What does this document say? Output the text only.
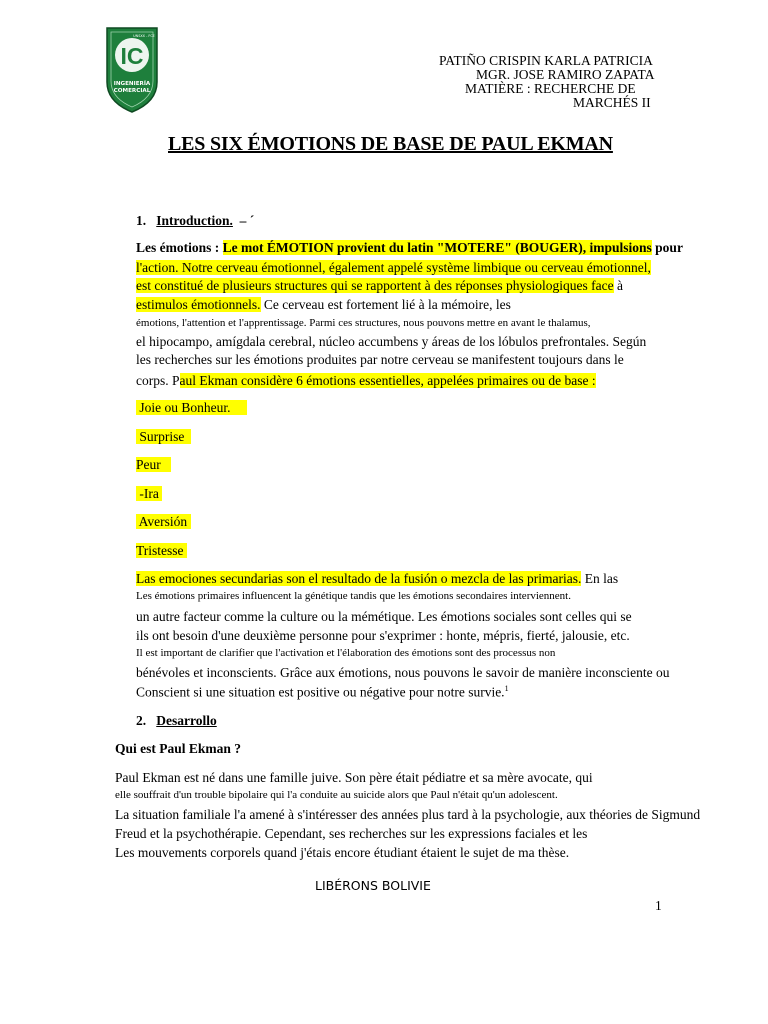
IC
UNSXX - FCE
INGENIERÍA
COMERCIAL
PATIÑO CRISPIN KARLA PATRICIA
MGR. JOSE RAMIRO ZAPATA
MATIÈRE : RECHERCHE DE
MARCHÉS II
LES SIX ÉMOTIONS DE BASE DE PAUL EKMAN
1. Introduction. – ´
Les émotions : Le mot ÉMOTION provient du latin "MOTERE" (BOUGER), impulsions pour
l'action. Notre cerveau émotionnel, également appelé système limbique ou cerveau émotionnel,
est constitué de plusieurs structures qui se rapportent à des réponses physiologiques face à
estimulos émotionnels. Ce cerveau est fortement lié à la mémoire, les
émotions, l'attention et l'apprentissage. Parmi ces structures, nous pouvons mettre en avant le thalamus,
el hipocampo, amígdala cerebral, núcleo accumbens y áreas de los lóbulos prefrontales. Según
les recherches sur les émotions produites par notre cerveau se manifestent toujours dans le
corps. Paul Ekman considère 6 émotions essentielles, appelées primaires ou de base :
Joie ou Bonheur.
Surprise
Peur
-Ira
Aversión
Tristesse
Las emociones secundarias son el resultado de la fusión o mezcla de las primarias. En las
Les émotions primaires influencent la génétique tandis que les émotions secondaires interviennent.
un autre facteur comme la culture ou la mémétique. Les émotions sociales sont celles qui se
ils ont besoin d'une deuxième personne pour s'exprimer : honte, mépris, fierté, jalousie, etc.
Il est important de clarifier que l'activation et l'élaboration des émotions sont des processus non
bénévoles et inconscients. Grâce aux émotions, nous pouvons le savoir de manière inconsciente ou
Conscient si une situation est positive ou négative pour notre survie.$^1$
2. Desarrollo
Qui est Paul Ekman ?
Paul Ekman est né dans une famille juive. Son père était pédiatre et sa mère avocate, qui
elle souffrait d'un trouble bipolaire qui l'a conduite au suicide alors que Paul n'était qu'un adolescent.
La situation familiale l'a amené à s'intéresser des années plus tard à la psychologie, aux théories de Sigmund
Freud et la psychothérapie. Cependant, ses recherches sur les expressions faciales et les
Les mouvements corporels quand j'étais encore étudiant étaient le sujet de ma thèse.
LIBÉRONS BOLIVIE
1
